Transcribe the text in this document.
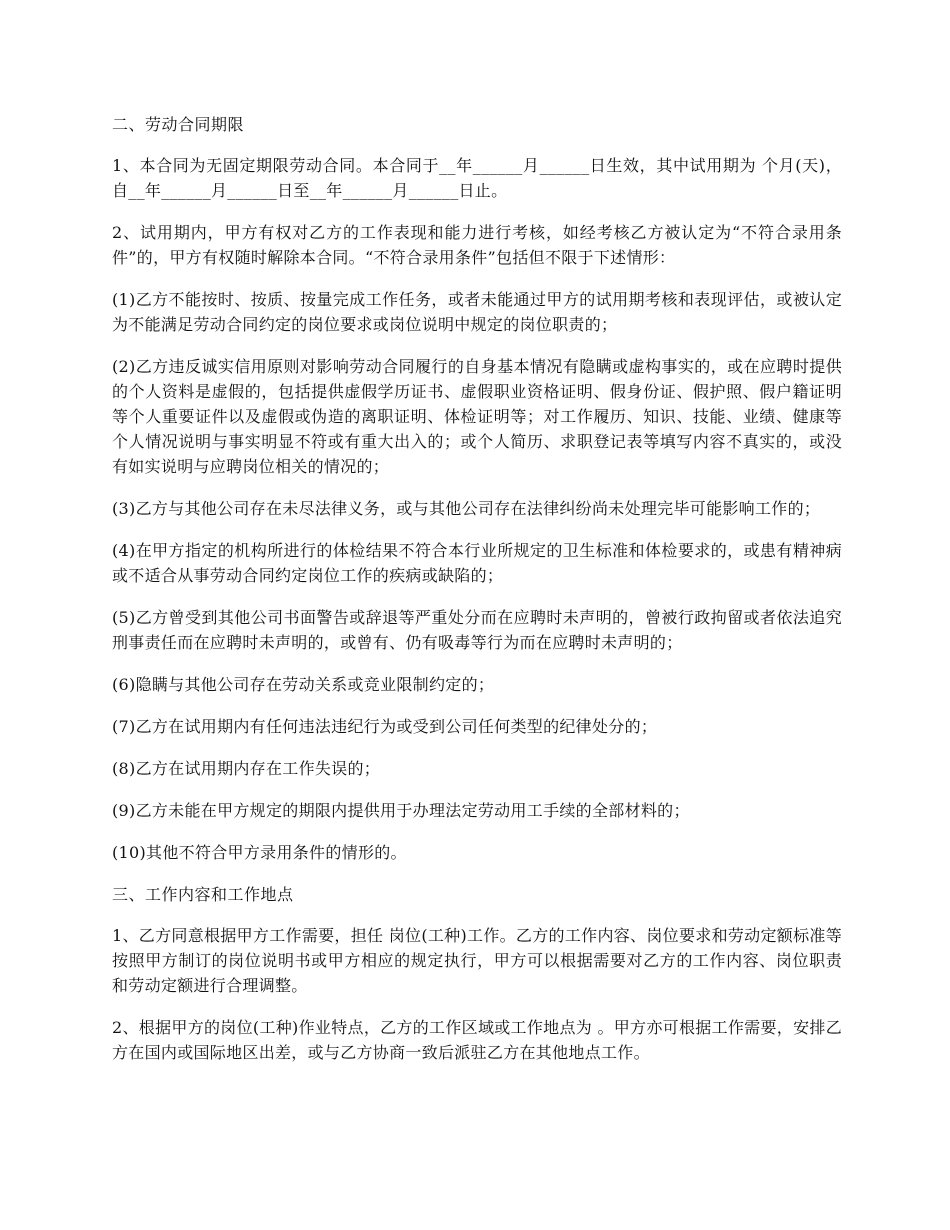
二、劳动合同期限
1、本合同为无固定期限劳动合同。本合同于__年______月______日生效，其中试用期为 个月(天)，自__年______月______日至__年______月______日止。
2、试用期内，甲方有权对乙方的工作表现和能力进行考核，如经考核乙方被认定为“不符合录用条件”的，甲方有权随时解除本合同。“不符合录用条件”包括但不限于下述情形：
(1)乙方不能按时、按质、按量完成工作任务，或者未能通过甲方的试用期考核和表现评估，或被认定为不能满足劳动合同约定的岗位要求或岗位说明中规定的岗位职责的；
(2)乙方违反诚实信用原则对影响劳动合同履行的自身基本情况有隐瞒或虚构事实的，或在应聘时提供的个人资料是虚假的，包括提供虚假学历证书、虚假职业资格证明、假身份证、假护照、假户籍证明等个人重要证件以及虚假或伪造的离职证明、体检证明等；对工作履历、知识、技能、业绩、健康等个人情况说明与事实明显不符或有重大出入的；或个人简历、求职登记表等填写内容不真实的，或没有如实说明与应聘岗位相关的情况的；
(3)乙方与其他公司存在未尽法律义务，或与其他公司存在法律纠纷尚未处理完毕可能影响工作的；
(4)在甲方指定的机构所进行的体检结果不符合本行业所规定的卫生标准和体检要求的，或患有精神病或不适合从事劳动合同约定岗位工作的疾病或缺陷的；
(5)乙方曾受到其他公司书面警告或辞退等严重处分而在应聘时未声明的，曾被行政拘留或者依法追究刑事责任而在应聘时未声明的，或曾有、仍有吸毒等行为而在应聘时未声明的；
(6)隐瞒与其他公司存在劳动关系或竞业限制约定的；
(7)乙方在试用期内有任何违法违纪行为或受到公司任何类型的纪律处分的；
(8)乙方在试用期内存在工作失误的；
(9)乙方未能在甲方规定的期限内提供用于办理法定劳动用工手续的全部材料的；
(10)其他不符合甲方录用条件的情形的。
三、工作内容和工作地点
1、乙方同意根据甲方工作需要，担任 岗位(工种)工作。乙方的工作内容、岗位要求和劳动定额标准等按照甲方制订的岗位说明书或甲方相应的规定执行，甲方可以根据需要对乙方的工作内容、岗位职责和劳动定额进行合理调整。
2、根据甲方的岗位(工种)作业特点，乙方的工作区域或工作地点为 。甲方亦可根据工作需要，安排乙方在国内或国际地区出差，或与乙方协商一致后派驻乙方在其他地点工作。
